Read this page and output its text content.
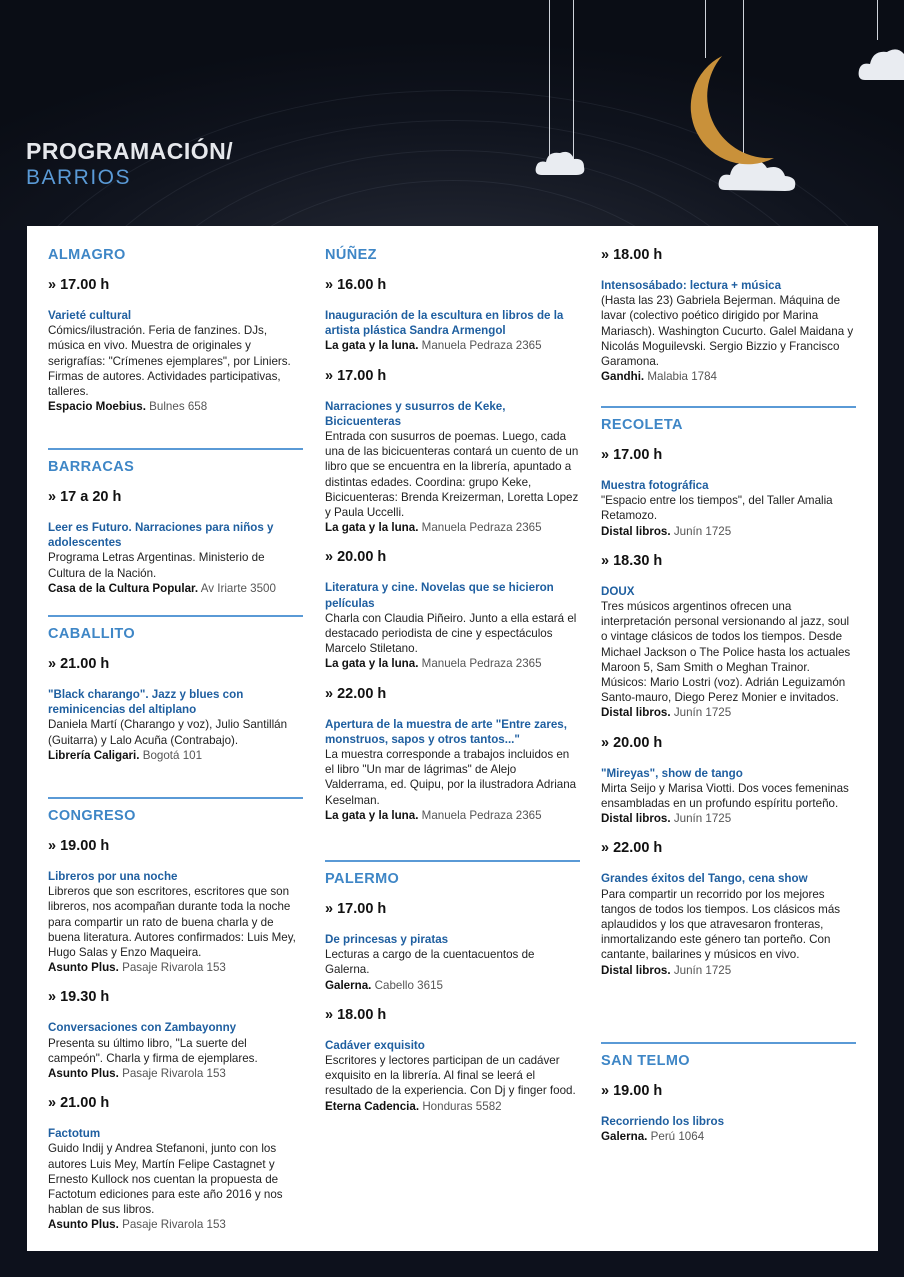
PROGRAMACIÓN/
BARRIOS

ALMAGRO

» 17.00 h

Varieté cultural

Cómics/ilustración. Feria de fanzines. DJs, música en vivo. Muestra de originales y serigrafías: "Crímenes ejemplares", por Liniers. Firmas de autores. Actividades participativas, talleres.

Espacio Moebius. Bulnes 658

BARRACAS

» 17 a 20 h

Leer es Futuro. Narraciones para niños y adolescentes

Programa Letras Argentinas. Ministerio de Cultura de la Nación.

Casa de la Cultura Popular. Av Iriarte 3500

CABALLITO

» 21.00 h

"Black charango". Jazz y blues con reminicencias del altiplano

Daniela Martí (Charango y voz), Julio Santillán (Guitarra) y Lalo Acuña (Contrabajo).

Librería Caligari. Bogotá 101

CONGRESO

» 19.00 h

Libreros por una noche

Libreros que son escritores, escritores que son libreros, nos acompañan durante toda la noche para compartir un rato de buena charla y de buena literatura. Autores confirmados: Luis Mey, Hugo Salas y Enzo Maqueira.

Asunto Plus. Pasaje Rivarola 153

» 19.30 h

Conversaciones con Zambayonny

Presenta su último libro, "La suerte del campeón". Charla y firma de ejemplares.

Asunto Plus. Pasaje Rivarola 153

» 21.00 h

Factotum

Guido Indij y Andrea Stefanoni, junto con los autores Luis Mey, Martín Felipe Castagnet y Ernesto Kullock nos cuentan la propuesta de Factotum ediciones para este año 2016 y nos hablan de sus libros.

Asunto Plus. Pasaje Rivarola 153

NÚÑEZ

» 16.00 h

Inauguración de la escultura en libros de la artista plástica Sandra Armengol

La gata y la luna. Manuela Pedraza 2365

» 17.00 h

Narraciones y susurros de Keke, Bicicuenteras

Entrada con susurros de poemas. Luego, cada una de las bicicuenteras contará un cuento de un libro que se encuentra en la librería, apuntado a distintas edades. Coordina: grupo Keke, Bicicuenteras: Brenda Kreizerman, Loretta Lopez y Paula Uccelli.

La gata y la luna. Manuela Pedraza 2365

» 20.00 h

Literatura y cine. Novelas que se hicieron películas

Charla con Claudia Piñeiro. Junto a ella estará el destacado periodista de cine y espectáculos Marcelo Stiletano.

La gata y la luna. Manuela Pedraza 2365

» 22.00 h

Apertura de la muestra de arte "Entre zares, monstruos, sapos y otros tantos..."

La muestra corresponde a trabajos incluidos en el libro "Un mar de lágrimas" de Alejo Valderrama, ed. Quipu, por la ilustradora Adriana Keselman.

La gata y la luna. Manuela Pedraza 2365

PALERMO

» 17.00 h

De princesas y piratas

Lecturas a cargo de la cuentacuentos de Galerna.

Galerna. Cabello 3615

» 18.00 h

Cadáver exquisito

Escritores y lectores participan de un cadáver exquisito en la librería. Al final se leerá el resultado de la experiencia. Con Dj y finger food.

Eterna Cadencia. Honduras 5582

» 18.00 h

Intensosábado: lectura + música

(Hasta las 23) Gabriela Bejerman. Máquina de lavar (colectivo poético dirigido por Marina Mariasch). Washington Cucurto. Galel Maidana y Nicolás Moguilevski. Sergio Bizzio y Francisco Garamona.

Gandhi. Malabia 1784

RECOLETA

» 17.00 h

Muestra fotográfica

"Espacio entre los tiempos", del Taller Amalia Retamozo.

Distal libros. Junín 1725

» 18.30 h

DOUX

Tres músicos argentinos ofrecen una interpretación personal versionando al jazz, soul o vintage clásicos de todos los tiempos. Desde Michael Jackson o The Police hasta los actuales Maroon 5, Sam Smith o Meghan Trainor. Músicos: Mario Lostri (voz). Adrián Leguizamón Santo-mauro, Diego Perez Monier e invitados.

Distal libros. Junín 1725

» 20.00 h

"Mireyas", show de tango

Mirta Seijo y Marisa Viotti. Dos voces femeninas ensambladas en un profundo espíritu porteño.

Distal libros. Junín 1725

» 22.00 h

Grandes éxitos del Tango, cena show

Para compartir un recorrido por los mejores tangos de todos los tiempos. Los clásicos más aplaudidos y los que atravesaron fronteras, inmortalizando este género tan porteño. Con cantante, bailarines y músicos en vivo.

Distal libros. Junín 1725

SAN TELMO

» 19.00 h

Recorriendo los libros

Galerna. Perú 1064
